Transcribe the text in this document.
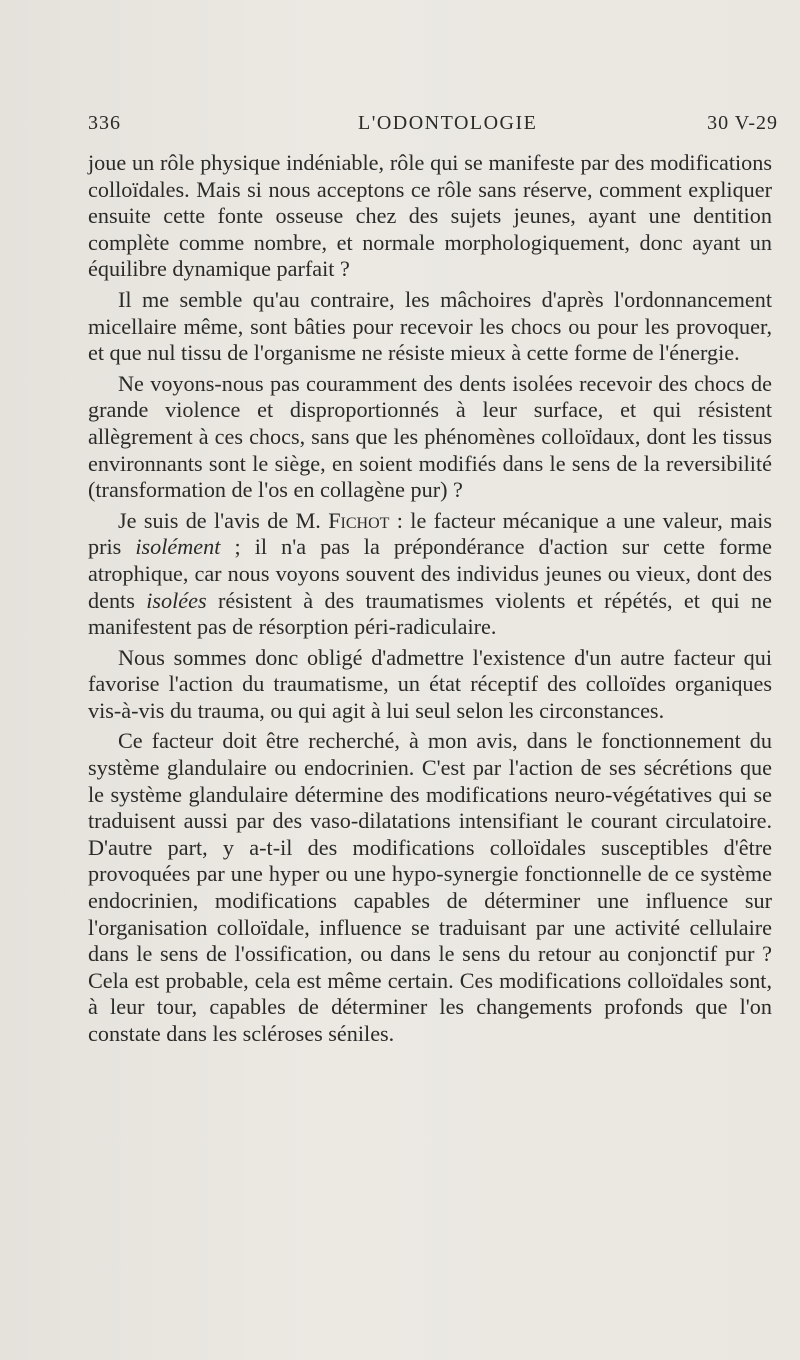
336	L'ODONTOLOGIE	30 V-29

joue un rôle physique indéniable, rôle qui se manifeste par des modifications colloïdales. Mais si nous acceptons ce rôle sans réserve, comment expliquer ensuite cette fonte osseuse chez des sujets jeunes, ayant une dentition complète comme nombre, et normale morphologiquement, donc ayant un équilibre dynamique parfait ?

Il me semble qu'au contraire, les mâchoires d'après l'ordonnancement micellaire même, sont bâties pour recevoir les chocs ou pour les provoquer, et que nul tissu de l'organisme ne résiste mieux à cette forme de l'énergie.

Ne voyons-nous pas couramment des dents isolées recevoir des chocs de grande violence et disproportionnés à leur surface, et qui résistent allègrement à ces chocs, sans que les phénomènes colloïdaux, dont les tissus environnants sont le siège, en soient modifiés dans le sens de la reversibilité (transformation de l'os en collagène pur) ?

Je suis de l'avis de M. Fichot : le facteur mécanique a une valeur, mais pris isolément ; il n'a pas la prépondérance d'action sur cette forme atrophique, car nous voyons souvent des individus jeunes ou vieux, dont des dents isolées résistent à des traumatismes violents et répétés, et qui ne manifestent pas de résorption péri-radiculaire.

Nous sommes donc obligé d'admettre l'existence d'un autre facteur qui favorise l'action du traumatisme, un état réceptif des colloïdes organiques vis-à-vis du trauma, ou qui agit à lui seul selon les circonstances.

Ce facteur doit être recherché, à mon avis, dans le fonctionnement du système glandulaire ou endocrinien. C'est par l'action de ses sécrétions que le système glandulaire détermine des modifications neuro-végétatives qui se traduisent aussi par des vaso-dilatations intensifiant le courant circulatoire. D'autre part, y a-t-il des modifications colloïdales susceptibles d'être provoquées par une hyper ou une hypo-synergie fonctionnelle de ce système endocrinien, modifications capables de déterminer une influence sur l'organisation colloïdale, influence se traduisant par une activité cellulaire dans le sens de l'ossification, ou dans le sens du retour au conjonctif pur ? Cela est probable, cela est même certain. Ces modifications colloïdales sont, à leur tour, capables de déterminer les changements profonds que l'on constate dans les scléroses séniles.
